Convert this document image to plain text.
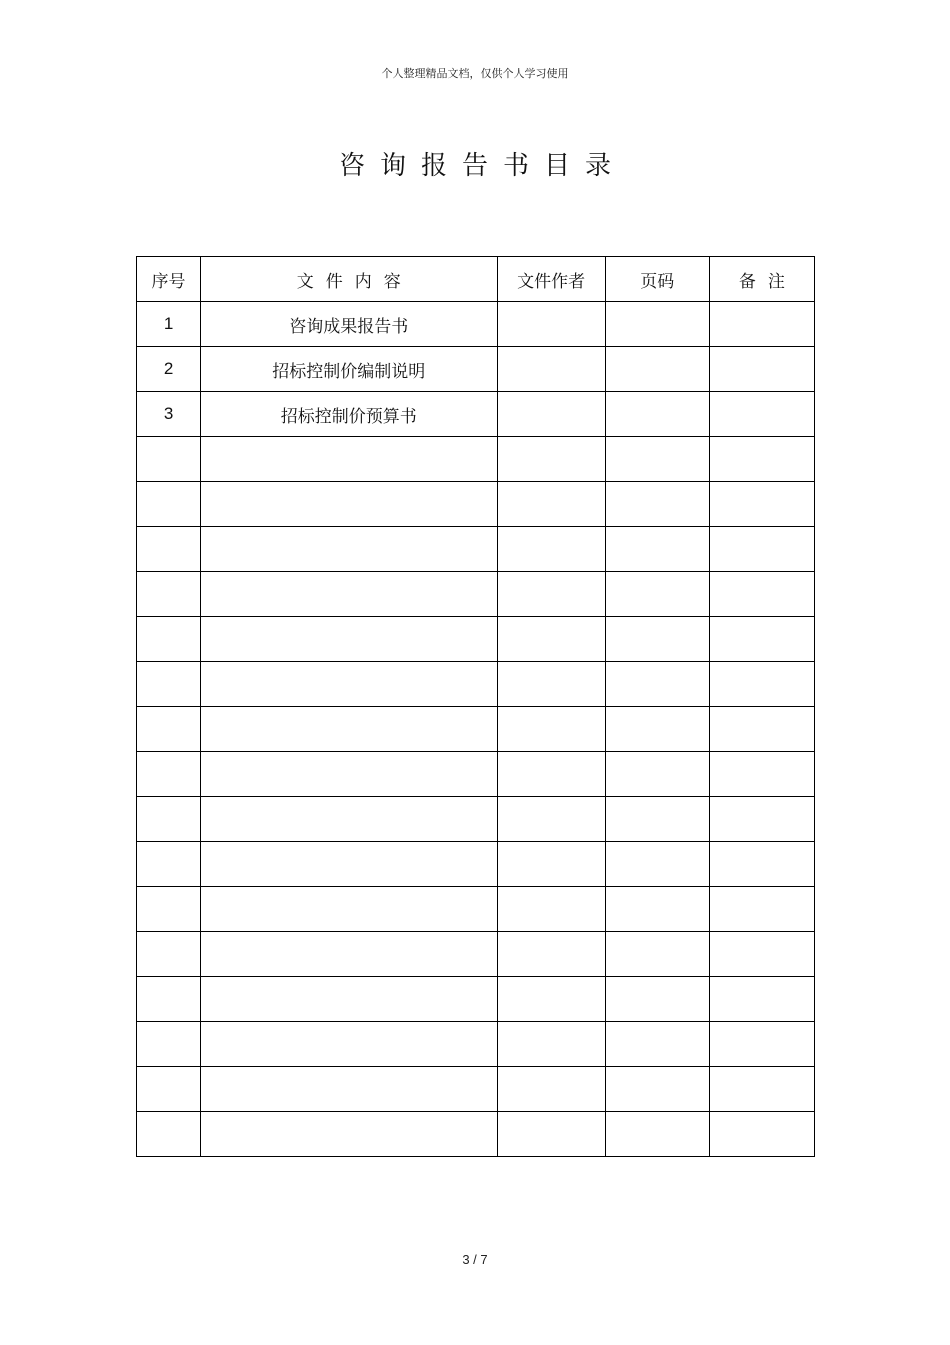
个人整理精品文档，仅供个人学习使用
咨询报告书目录
序号	文件内容	文件作者	页码	备注
1	咨询成果报告书			
2	招标控制价编制说明			
3	招标控制价预算书			

3 / 7
